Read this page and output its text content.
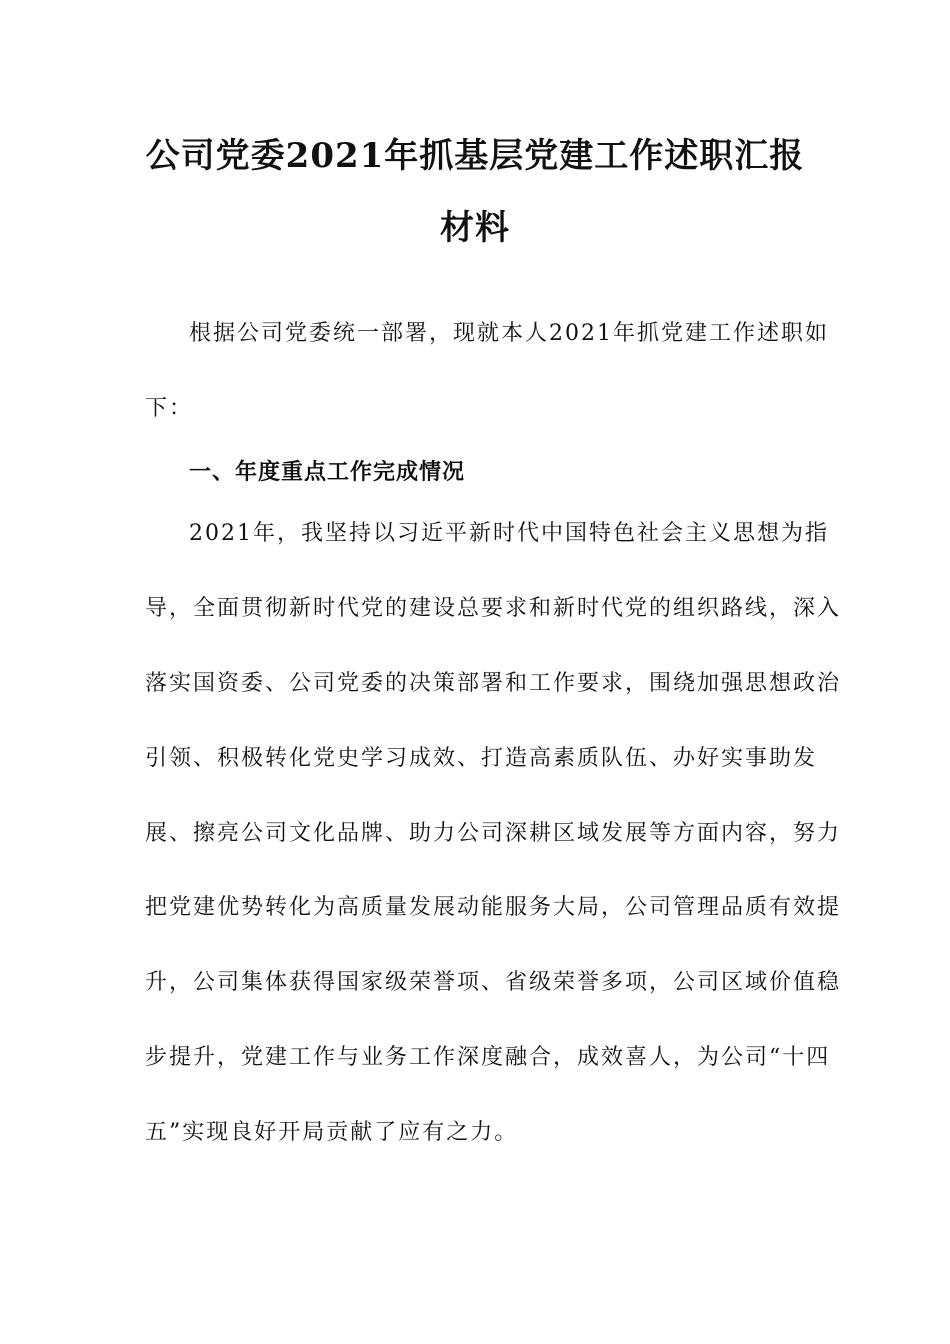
公司党委2021年抓基层党建工作述职汇报
材料

根据公司党委统一部署，现就本人2021年抓党建工作述职如

下：

一、年度重点工作完成情况

2021年，我坚持以习近平新时代中国特色社会主义思想为指

导，全面贯彻新时代党的建设总要求和新时代党的组织路线，深入

落实国资委、公司党委的决策部署和工作要求，围绕加强思想政治

引领、积极转化党史学习成效、打造高素质队伍、办好实事助发

展、擦亮公司文化品牌、助力公司深耕区域发展等方面内容，努力

把党建优势转化为高质量发展动能服务大局，公司管理品质有效提

升，公司集体获得国家级荣誉项、省级荣誉多项，公司区域价值稳

步提升，党建工作与业务工作深度融合，成效喜人，为公司“十四

五”实现良好开局贡献了应有之力。
